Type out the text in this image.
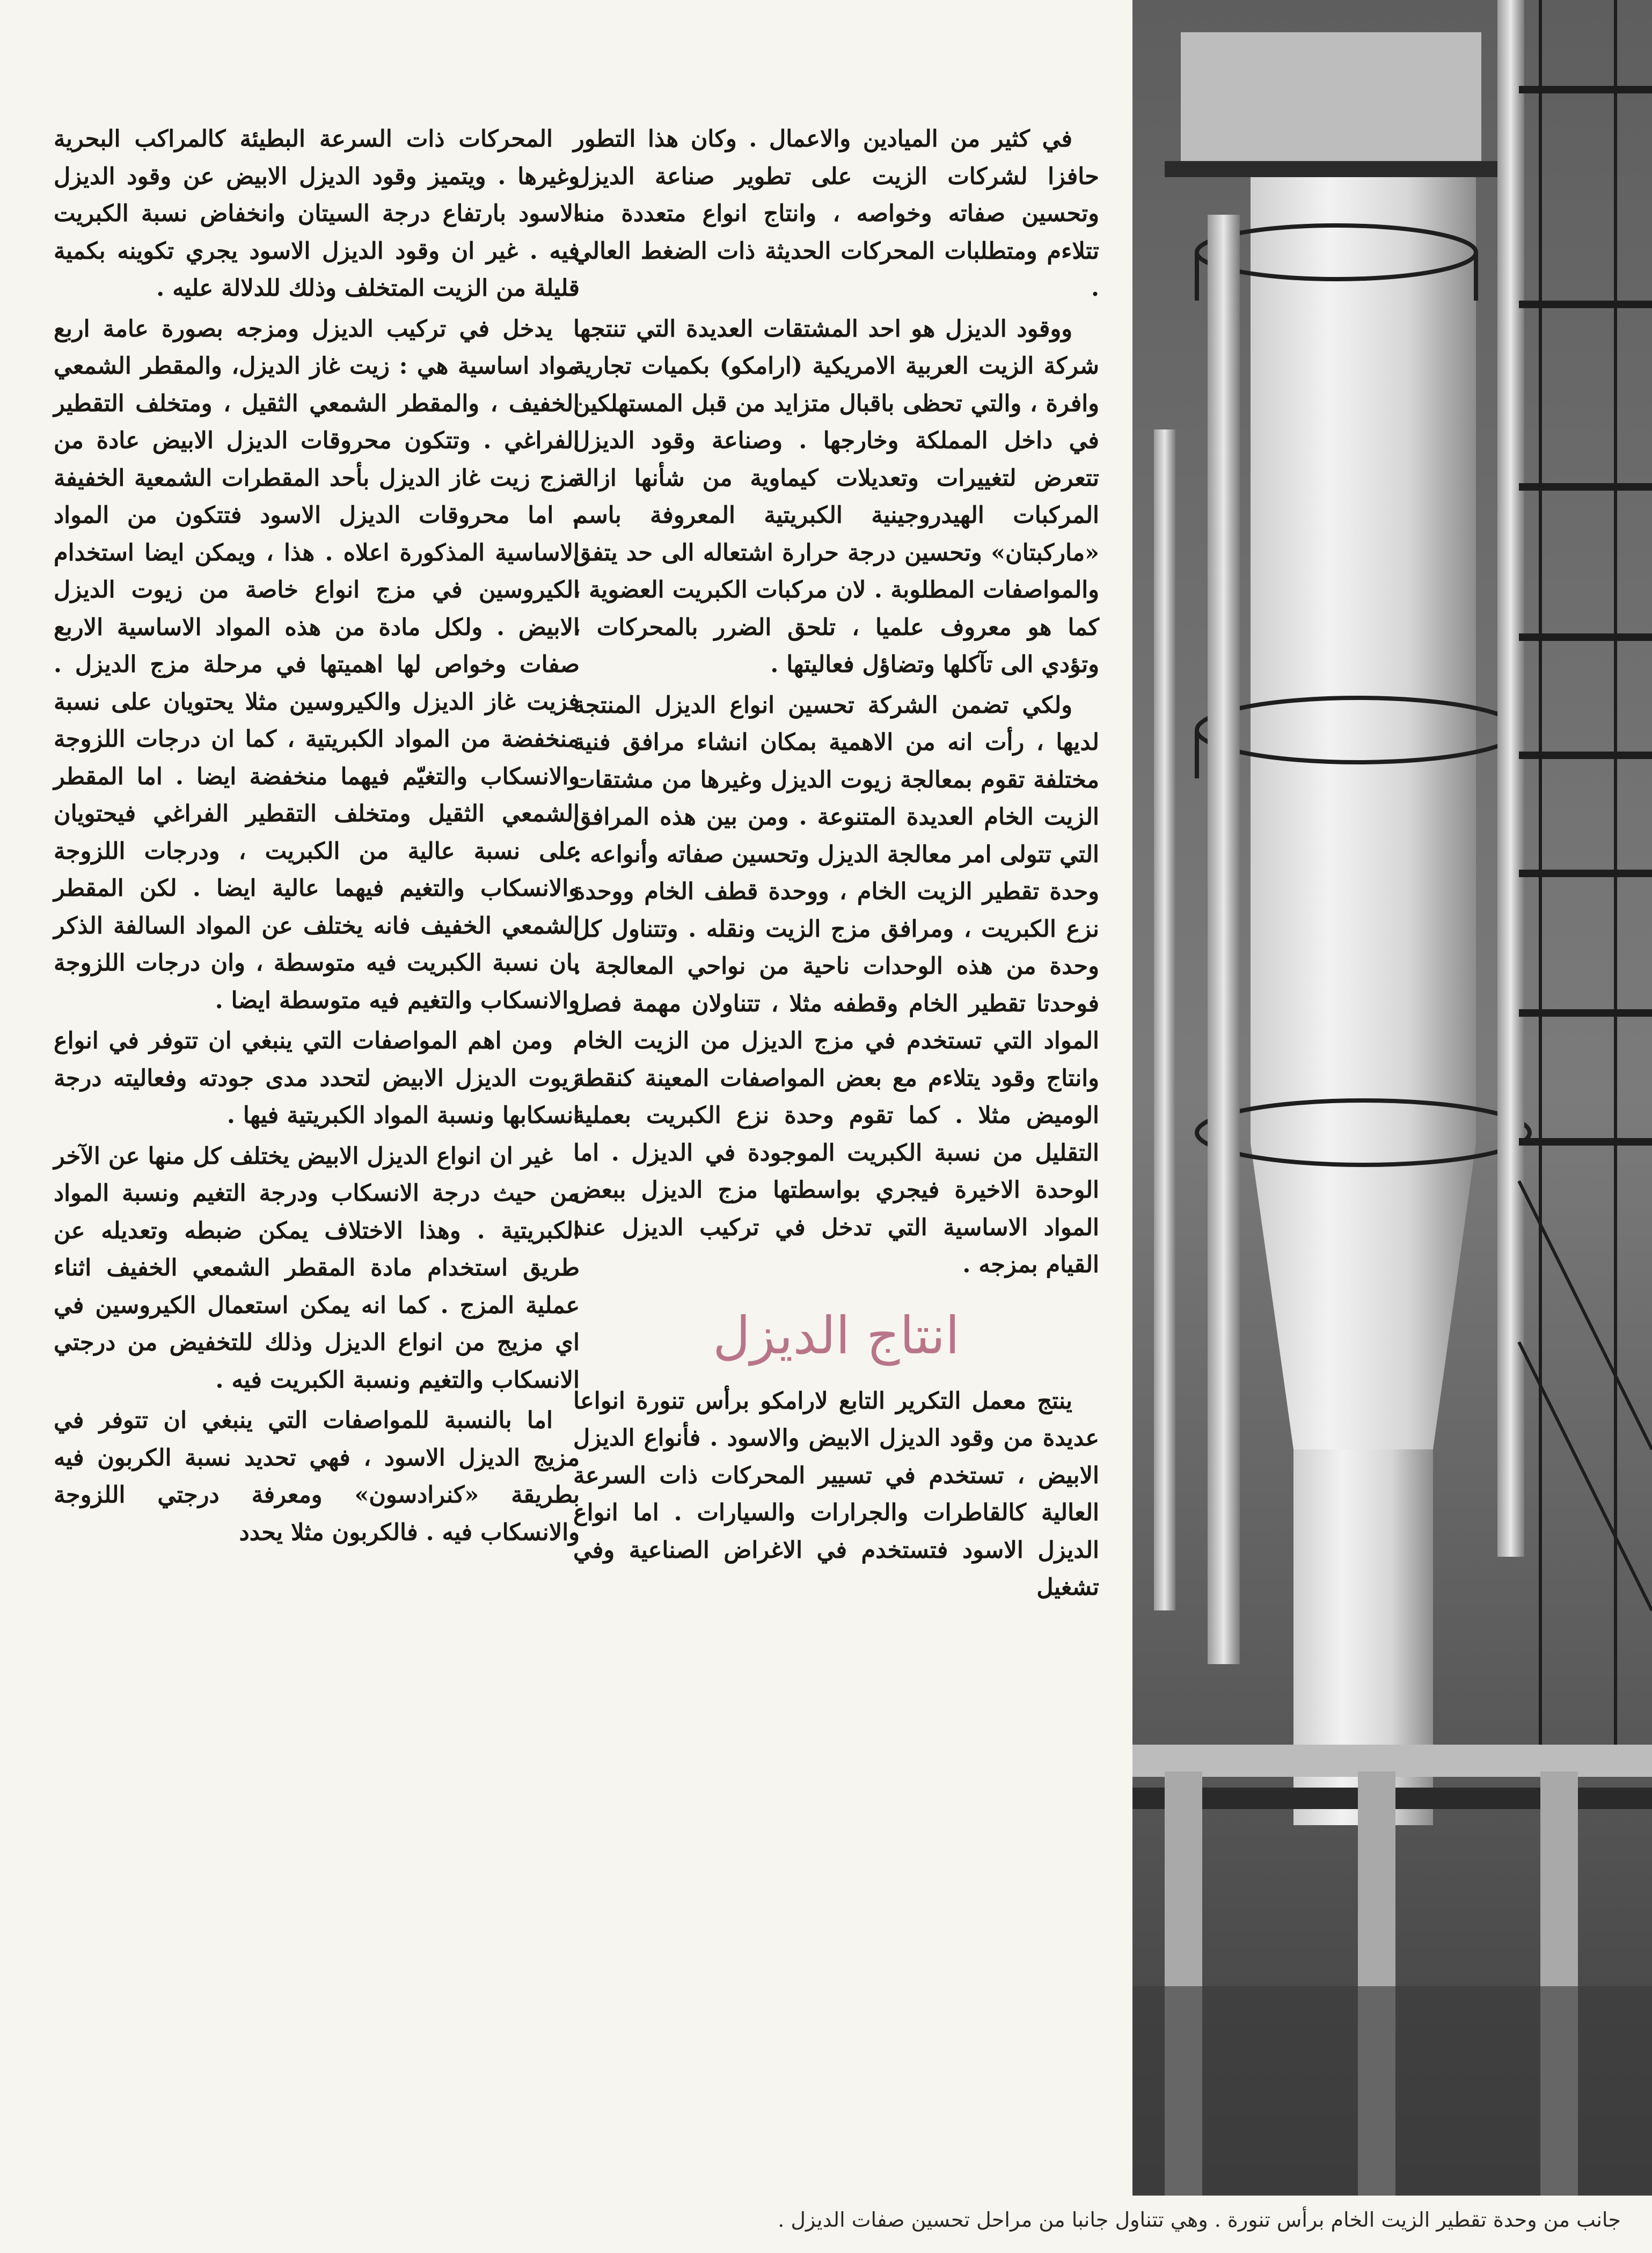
في كثير من الميادين والاعمال . وكان هذا التطور حافزا لشركات الزيت على تطوير صناعة الديزل وتحسين صفاته وخواصه ، وانتاج انواع متعددة منه تتلاءم ومتطلبات المحركات الحديثة ذات الضغط العالي .

ووقود الديزل هو احد المشتقات العديدة التي تنتجها شركة الزيت العربية الامريكية (ارامكو) بكميات تجارية وافرة ، والتي تحظى باقبال متزايد من قبل المستهلكين في داخل المملكة وخارجها . وصناعة وقود الديزل تتعرض لتغييرات وتعديلات كيماوية من شأنها ازالة المركبات الهيدروجينية الكبريتية المعروفة باسم «ماركبتان» وتحسين درجة حرارة اشتعاله الى حد يتفق والمواصفات المطلوبة . لان مركبات الكبريت العضوية ، كما هو معروف علميا ، تلحق الضرر بالمحركات ، وتؤدي الى تآكلها وتضاؤل فعاليتها .

ولكي تضمن الشركة تحسين انواع الديزل المنتجة لديها ، رأت انه من الاهمية بمكان انشاء مرافق فنية مختلفة تقوم بمعالجة زيوت الديزل وغيرها من مشتقات الزيت الخام العديدة المتنوعة . ومن بين هذه المرافق التي تتولى امر معالجة الديزل وتحسين صفاته وأنواعه : وحدة تقطير الزيت الخام ، ووحدة قطف الخام ووحدة نزع الكبريت ، ومرافق مزج الزيت ونقله . وتتناول كل وحدة من هذه الوحدات ناحية من نواحي المعالجة . فوحدتا تقطير الخام وقطفه مثلا ، تتناولان مهمة فصل المواد التي تستخدم في مزج الديزل من الزيت الخام وانتاج وقود يتلاءم مع بعض المواصفات المعينة كنقطة الوميض مثلا . كما تقوم وحدة نزع الكبريت بعملية التقليل من نسبة الكبريت الموجودة في الديزل . اما الوحدة الاخيرة فيجري بواسطتها مزج الديزل ببعض المواد الاساسية التي تدخل في تركيب الديزل عند القيام بمزجه .

انتاج الديزل

ينتج معمل التكرير التابع لارامكو برأس تنورة انواعا عديدة من وقود الديزل الابيض والاسود . فأنواع الديزل الابيض ، تستخدم في تسيير المحركات ذات السرعة العالية كالقاطرات والجرارات والسيارات . اما انواع الديزل الاسود فتستخدم في الاغراض الصناعية وفي تشغيل

المحركات ذات السرعة البطيئة كالمراكب البحرية وغيرها . ويتميز وقود الديزل الابيض عن وقود الديزل الاسود بارتفاع درجة السيتان وانخفاض نسبة الكبريت فيه . غير ان وقود الديزل الاسود يجري تكوينه بكمية قليلة من الزيت المتخلف وذلك للدلالة عليه .

يدخل في تركيب الديزل ومزجه بصورة عامة اربع مواد اساسية هي : زيت غاز الديزل، والمقطر الشمعي الخفيف ، والمقطر الشمعي الثقيل ، ومتخلف التقطير الفراغي . وتتكون محروقات الديزل الابيض عادة من مزج زيت غاز الديزل بأحد المقطرات الشمعية الخفيفة . اما محروقات الديزل الاسود فتتكون من المواد الاساسية المذكورة اعلاه . هذا ، ويمكن ايضا استخدام الكيروسين في مزج انواع خاصة من زيوت الديزل الابيض . ولكل مادة من هذه المواد الاساسية الاربع صفات وخواص لها اهميتها في مرحلة مزج الديزل . فزيت غاز الديزل والكيروسين مثلا يحتويان على نسبة منخفضة من المواد الكبريتية ، كما ان درجات اللزوجة والانسكاب والتغيّم فيهما منخفضة ايضا . اما المقطر الشمعي الثقيل ومتخلف التقطير الفراغي فيحتويان على نسبة عالية من الكبريت ، ودرجات اللزوجة والانسكاب والتغيم فيهما عالية ايضا . لكن المقطر الشمعي الخفيف فانه يختلف عن المواد السالفة الذكر بان نسبة الكبريت فيه متوسطة ، وان درجات اللزوجة والانسكاب والتغيم فيه متوسطة ايضا .

ومن اهم المواصفات التي ينبغي ان تتوفر في انواع زيوت الديزل الابيض لتحدد مدى جودته وفعاليته درجة انسكابها ونسبة المواد الكبريتية فيها .

غير ان انواع الديزل الابيض يختلف كل منها عن الآخر من حيث درجة الانسكاب ودرجة التغيم ونسبة المواد الكبريتية . وهذا الاختلاف يمكن ضبطه وتعديله عن طريق استخدام مادة المقطر الشمعي الخفيف اثناء عملية المزج . كما انه يمكن استعمال الكيروسين في اي مزيج من انواع الديزل وذلك للتخفيض من درجتي الانسكاب والتغيم ونسبة الكبريت فيه .

اما بالنسبة للمواصفات التي ينبغي ان تتوفر في مزيج الديزل الاسود ، فهي تحديد نسبة الكربون فيه بطريقة «كنرادسون» ومعرفة درجتي اللزوجة والانسكاب فيه . فالكربون مثلا يحدد

جانب من وحدة تقطير الزيت الخام برأس تنورة . وهي تتناول جانبا من مراحل تحسين صفات الديزل .
